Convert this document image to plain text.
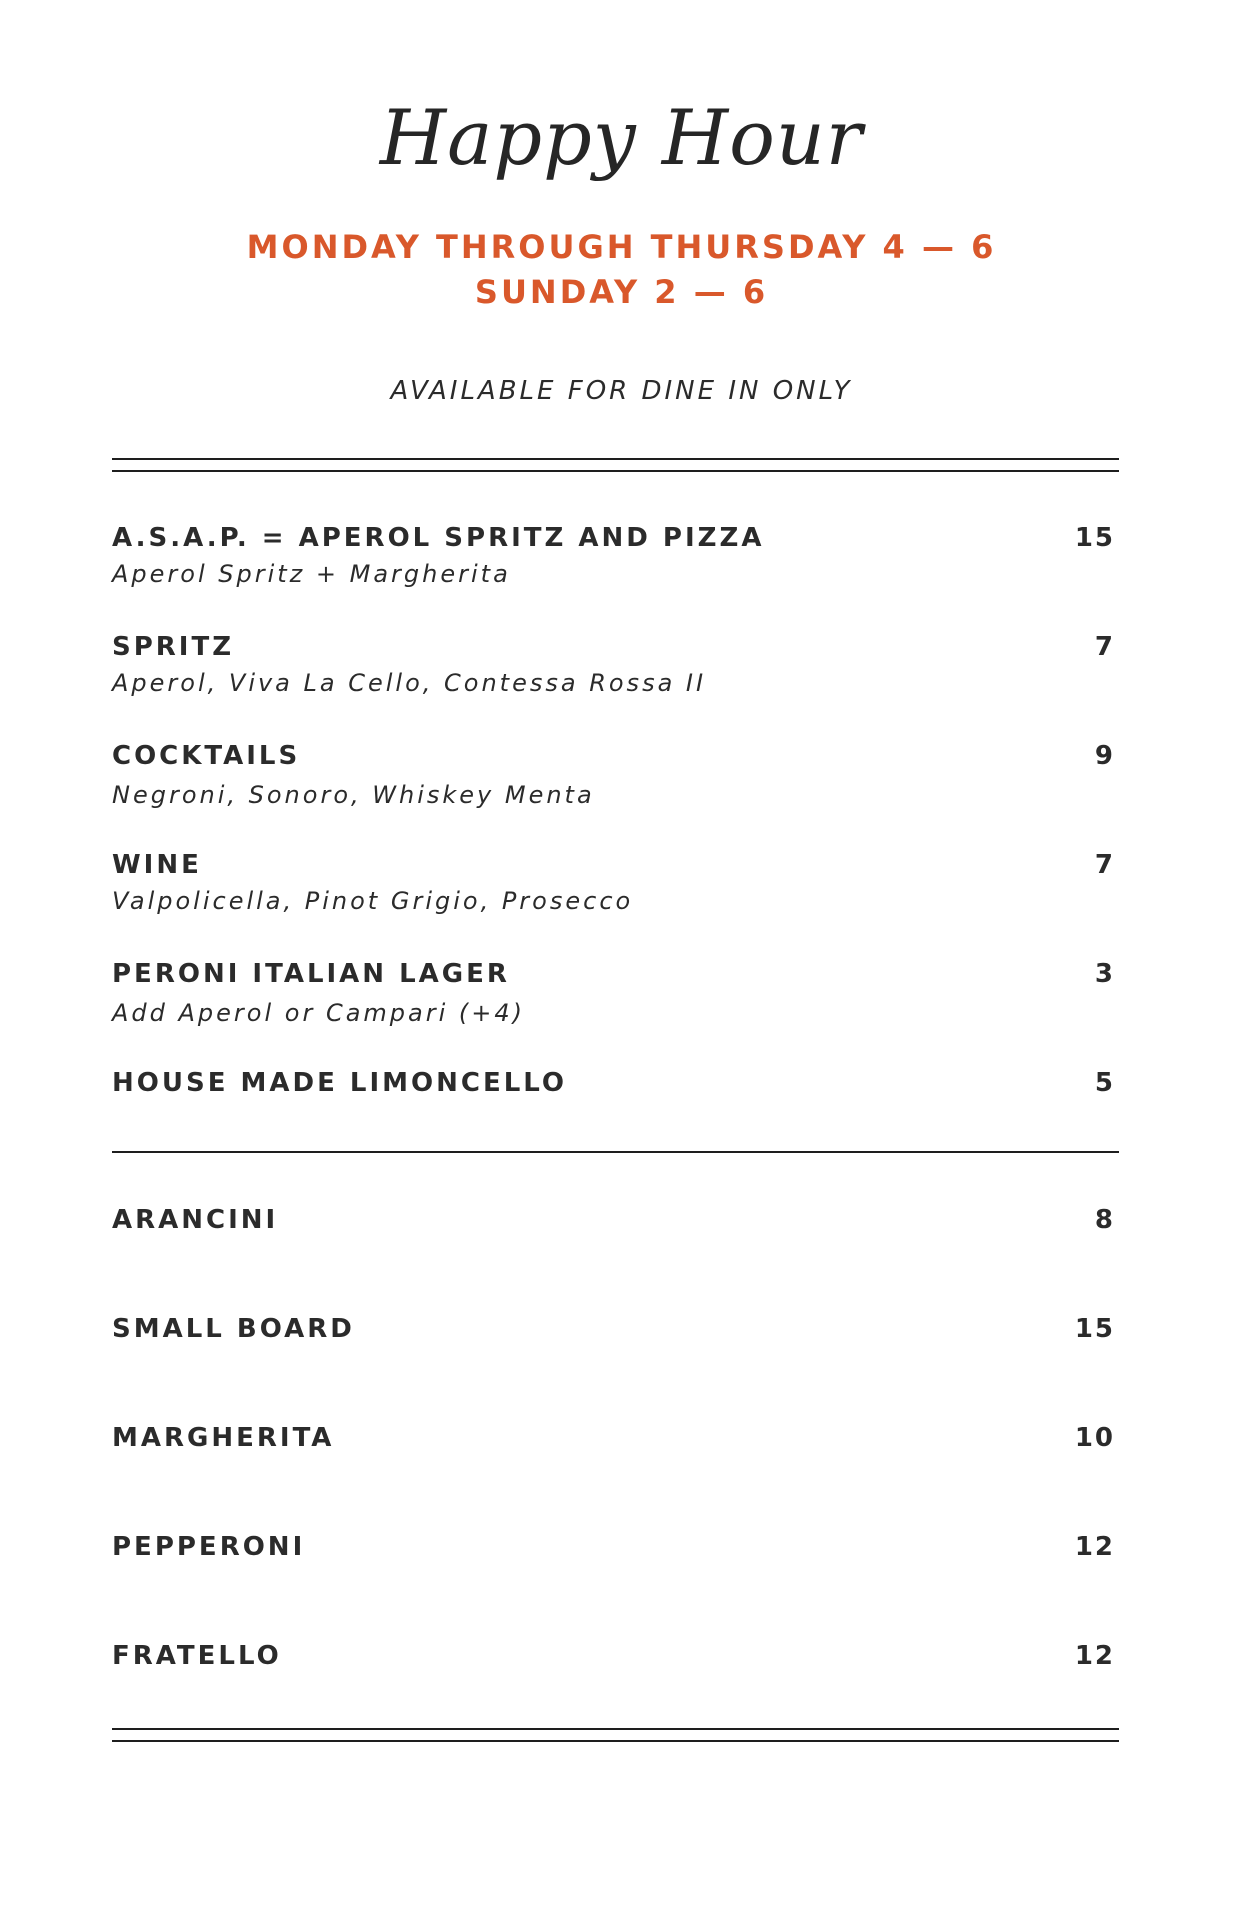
Happy Hour
MONDAY THROUGH THURSDAY 4 — 6
SUNDAY 2 — 6
AVAILABLE FOR DINE IN ONLY
A.S.A.P. = APEROL SPRITZ AND PIZZA	15
Aperol Spritz + Margherita
SPRITZ	7
Aperol, Viva La Cello, Contessa Rossa II
COCKTAILS	9
Negroni, Sonoro, Whiskey Menta
WINE	7
Valpolicella, Pinot Grigio, Prosecco
PERONI ITALIAN LAGER	3
Add Aperol or Campari (+4)
HOUSE MADE LIMONCELLO	5
ARANCINI	8
SMALL BOARD	15
MARGHERITA	10
PEPPERONI	12
FRATELLO	12
